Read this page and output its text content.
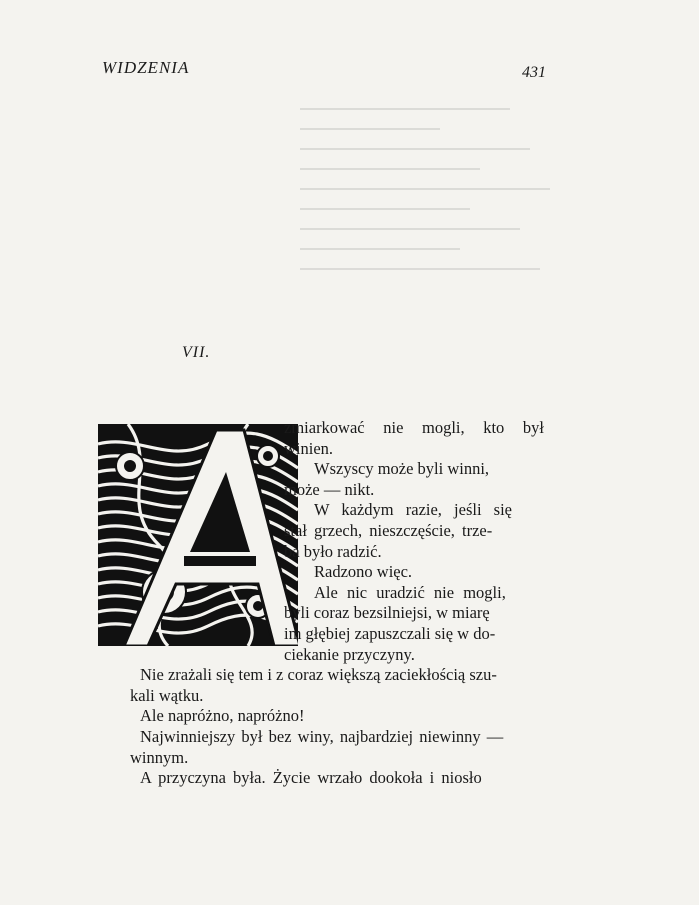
WIDZENIA	431
VII.
zmiarkować nie mogli, kto był
winien.
Wszyscy może byli winni,
może — nikt.
W każdym razie, jeśli się
stał grzech, nieszczęście, trze-
ba było radzić.
Radzono więc.
Ale nic uradzić nie mogli,
byli coraz bezsilniejsi, w miarę
im głębiej zapuszczali się w do-
ciekanie przyczyny.
Nie zrażali się tem i z coraz większą zaciekłością szu-
kali wątku.
Ale napróżno, napróżno!
Najwinniejszy był bez winy, najbardziej niewinny —
winnym.
A przyczyna była. Życie wrzało dookoła i niosło
